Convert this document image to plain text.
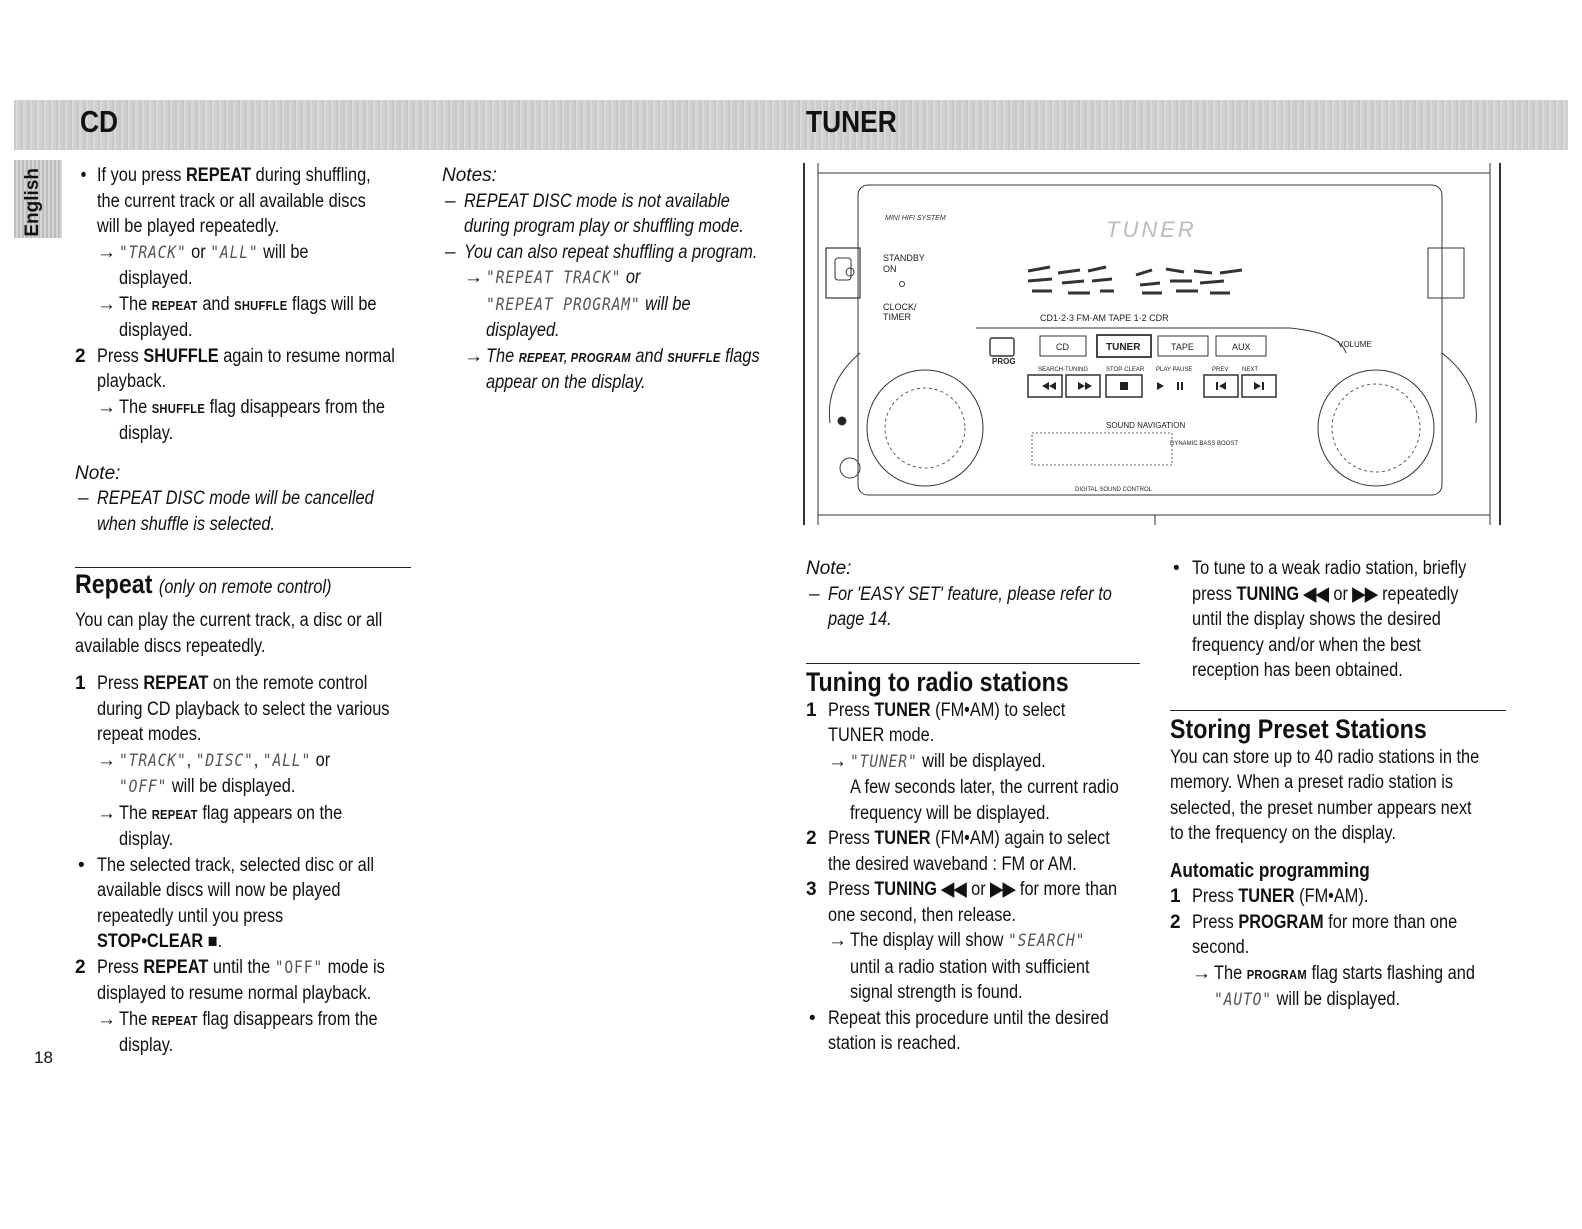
CD	TUNER
English • If you press REPEAT during shuffling,
the current track or all available discs
will be played repeatedly.
→ "TRACK" or "ALL" will be
displayed.
→ The REPEAT and SHUFFLE flags will be
displayed.
2 Press SHUFFLE again to resume normal
playback.
→ The SHUFFLE flag disappears from the
display.
Note:
– REPEAT DISC mode will be cancelled
when shuffle is selected.
Repeat (only on remote control)
You can play the current track, a disc or all
available discs repeatedly.
1 Press REPEAT on the remote control
during CD playback to select the various
repeat modes.
→ "TRACK", "DISC", "ALL" or
"OFF" will be displayed.
→ The REPEAT flag appears on the
display.
• The selected track, selected disc or all
available discs will now be played
repeatedly until you press
STOP•CLEAR ■.
2 Press REPEAT until the "OFF" mode is
displayed to resume normal playback.
→ The REPEAT flag disappears from the
display.
Notes:
– REPEAT DISC mode is not available
during program play or shuffling mode.
– You can also repeat shuffling a program.
→ "REPEAT TRACK" or
"REPEAT PROGRAM" will be
displayed.
→ The REPEAT, PROGRAM and SHUFFLE flags
appear on the display.
MINI HIFI SYSTEM
STANDBY
ON
CLOCK/
TIMER
TUNER
CD1·2·3 FM·AM TAPE 1·2 CDR
PROG
CD	TUNER	TAPE	AUX	VOLUME
SEARCH·TUNING	STOP·CLEAR PLAY PAUSE	PREV NEXT
SOUND NAVIGATION
DYNAMIC BASS BOOST
DIGITAL SOUND CONTROL
Note:
– For 'EASY SET' feature, please refer to
page 14.
Tuning to radio stations
1 Press TUNER (FM•AM) to select
TUNER mode.
→ "TUNER" will be displayed.
A few seconds later, the current radio
frequency will be displayed.
2 Press TUNER (FM•AM) again to select
the desired waveband : FM or AM.
3 Press TUNING ◀◀ or ▶▶ for more than
one second, then release.
→ The display will show "SEARCH"
until a radio station with sufficient
signal strength is found.
• Repeat this procedure until the desired
station is reached.
• To tune to a weak radio station, briefly
press TUNING ◀◀ or ▶▶ repeatedly
until the display shows the desired
frequency and/or when the best
reception has been obtained.
Storing Preset Stations
You can store up to 40 radio stations in the
memory. When a preset radio station is
selected, the preset number appears next
to the frequency on the display.
Automatic programming
1 Press TUNER (FM•AM).
2 Press PROGRAM for more than one
second.
→ The PROGRAM flag starts flashing and
"AUTO" will be displayed.
18
